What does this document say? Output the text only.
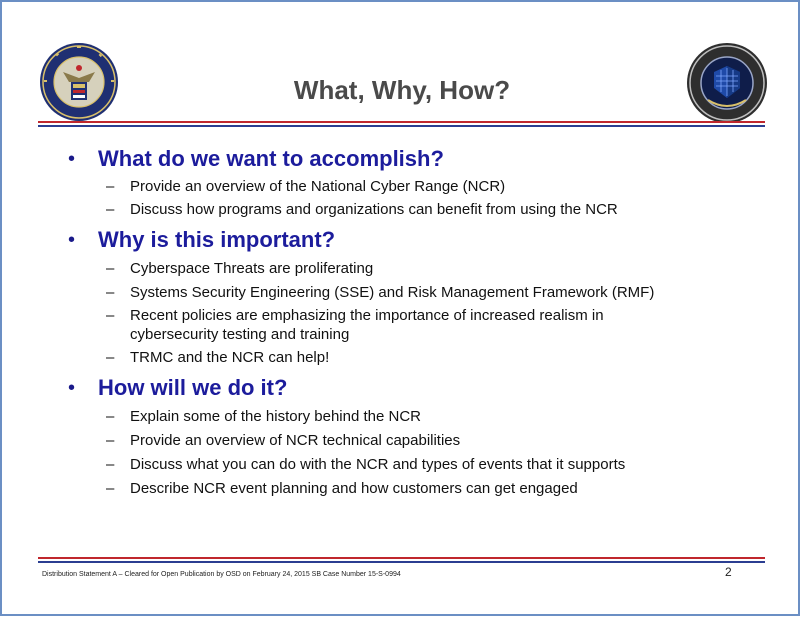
What, Why, How?
• What do we want to accomplish?
– Provide an overview of the National Cyber Range (NCR)
– Discuss how programs and organizations can benefit from using the NCR
• Why is this important?
– Cyberspace Threats are proliferating
– Systems Security Engineering (SSE) and Risk Management Framework (RMF)
– Recent policies are emphasizing the importance of increased realism in cybersecurity testing and training
– TRMC and the NCR can help!
• How will we do it?
– Explain some of the history behind the NCR
– Provide an overview of NCR technical capabilities
– Discuss what you can do with the NCR and types of events that it supports
– Describe NCR event planning and how customers can get engaged
Distribution Statement A – Cleared for Open Publication by OSD on February 24, 2015 SB Case Number 15-S-0994	2
